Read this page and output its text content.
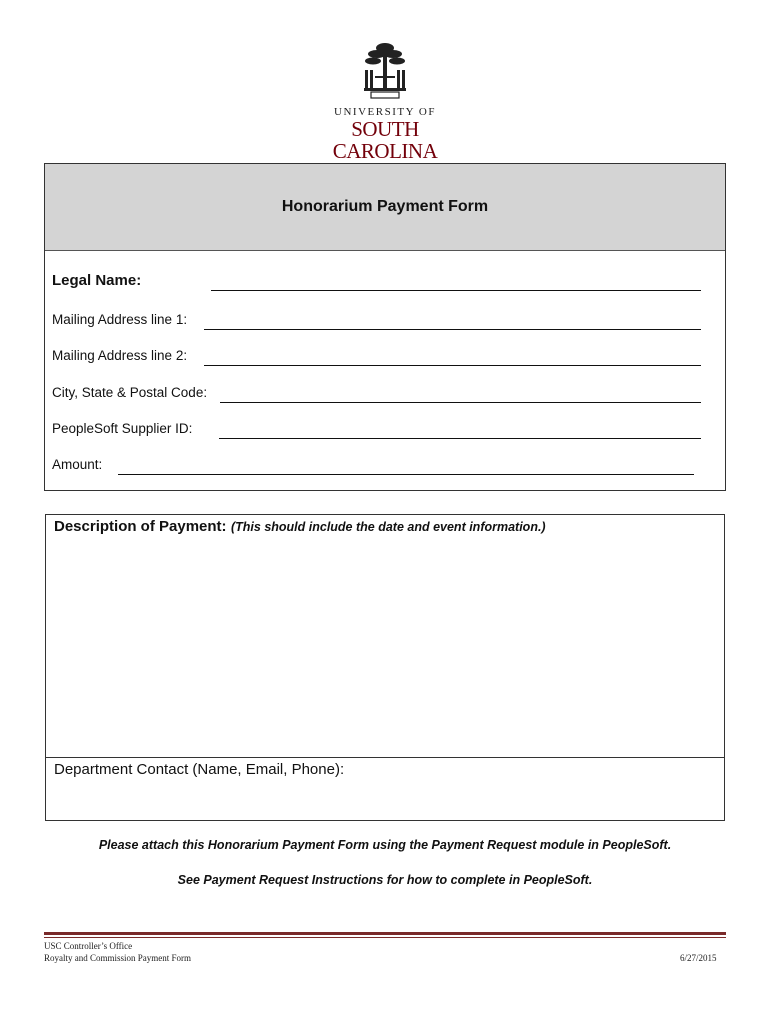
UNIVERSITY OF
SOUTH CAROLINA
Honorarium Payment Form
Legal Name:
Mailing Address line 1:
Mailing Address line 2:
City, State & Postal Code:
PeopleSoft Supplier ID:
Amount:
Description of Payment: (This should include the date and event information.)
Department Contact (Name, Email, Phone):
Please attach this Honorarium Payment Form using the Payment Request module in PeopleSoft.
See Payment Request Instructions for how to complete in PeopleSoft.
USC Controller’s Office
Royalty and Commission Payment Form	6/27/2015
